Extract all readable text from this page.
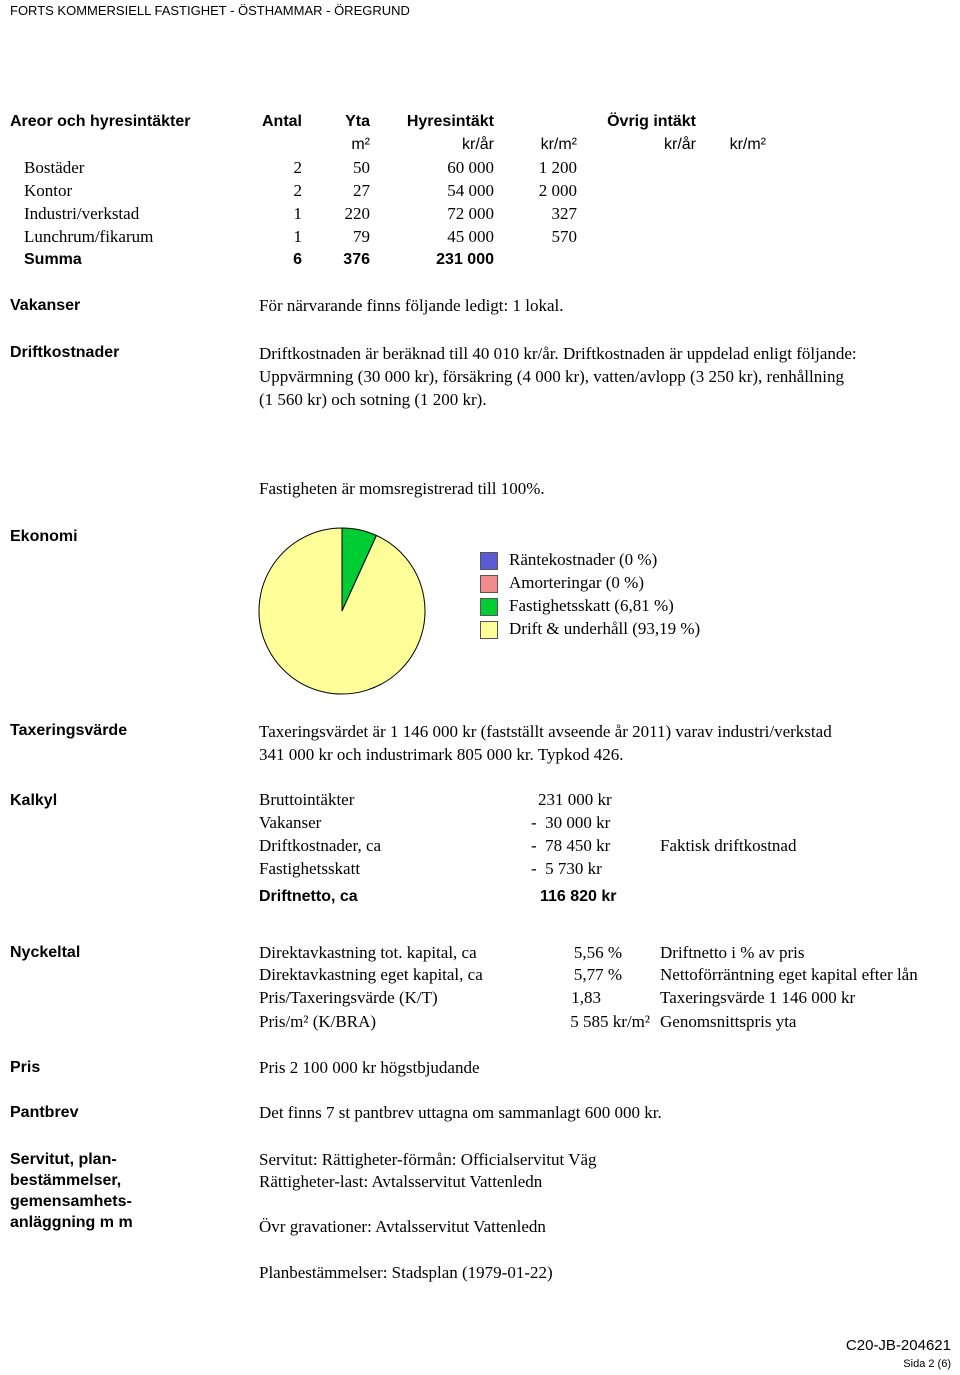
FORTS KOMMERSIELL FASTIGHET - ÖSTHAMMAR - ÖREGRUND
Areor och hyresintäkter	Antal	Yta Hyresintäkt	Övrig intäkt
m²	kr/år	kr/m²	kr/år kr/m²
Bostäder	2	50	60 000	1 200
Kontor	2	27	54 000	2 000
Industri/verkstad	1	220	72 000	327
Lunchrum/fikarum	1	79	45 000	570
Summa	6	376	231 000
Vakanser	För närvarande finns följande ledigt: 1 lokal.
Driftkostnader	Driftkostnaden är beräknad till 40 010 kr/år. Driftkostnaden är uppdelad enligt följande:
Uppvärmning (30 000 kr), försäkring (4 000 kr), vatten/avlopp (3 250 kr), renhållning
(1 560 kr) och sotning (1 200 kr).
Fastigheten är momsregistrerad till 100%.
Ekonomi
Räntekostnader (0 %)
Amorteringar (0 %)
Fastighetsskatt (6,81 %)
Drift & underhåll (93,19 %)
Taxeringsvärde	Taxeringsvärdet är 1 146 000 kr (fastställt avseende år 2011) varav industri/verkstad
341 000 kr och industrimark 805 000 kr. Typkod 426.
Kalkyl	Bruttointäkter	231 000 kr
Vakanser	-  30 000 kr
Driftkostnader, ca	-  78 450 kr	Faktisk driftkostnad
Fastighetsskatt	-  5 730 kr
Driftnetto, ca	116 820 kr
Nyckeltal	Direktavkastning tot. kapital, ca	5,56 % Driftnetto i % av pris
Direktavkastning eget kapital, ca	5,77 % Nettoförräntning eget kapital efter lån
Pris/Taxeringsvärde (K/T)	1,83	Taxeringsvärde 1 146 000 kr
Pris/m² (K/BRA)	5 585 kr/m² Genomsnittspris yta
Pris	Pris 2 100 000 kr högstbjudande
Pantbrev	Det finns 7 st pantbrev uttagna om sammanlagt 600 000 kr.
Servitut, plan-
bestämmelser,
gemensamhets-
anläggning m m
Servitut: Rättigheter-förmån: Officialservitut Väg
Rättigheter-last: Avtalsservitut Vattenledn
Övr gravationer: Avtalsservitut Vattenledn
Planbestämmelser: Stadsplan (1979-01-22)
C20-JB-204621
Sida 2 (6)
